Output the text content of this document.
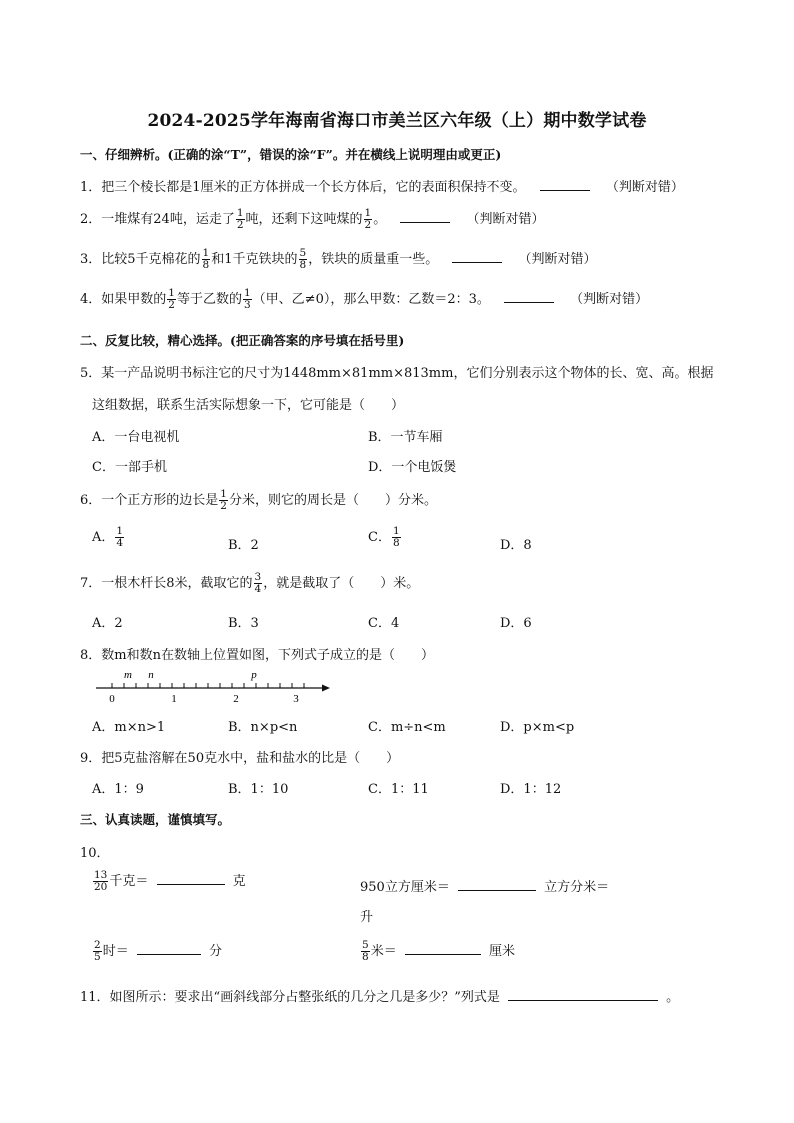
2024-2025学年海南省海口市美兰区六年级（上）期中数学试卷
一、仔细辨析。(正确的涂“T”，错误的涂“F”。并在横线上说明理由或更正)
1．把三个棱长都是1厘米的正方体拼成一个长方体后，它的表面积保持不变。	（判断对错）
2．一堆煤有24吨，运走了 $\frac{1}{2}$ 吨，还剩下这吨煤的 $\frac{1}{2}$ 。	（判断对错）
3．比较5千克棉花的 $\frac{1}{8}$ 和1千克铁块的 $\frac{5}{8}$ ，铁块的质量重一些。	（判断对错）
4．如果甲数的 $\frac{1}{2}$ 等于乙数的 $\frac{1}{3}$ （甲、乙≠0），那么甲数：乙数＝2：3。	（判断对错）
二、反复比较，精心选择。(把正确答案的序号填在括号里)
5．某一产品说明书标注它的尺寸为1448mm×81mm×813mm，它们分别表示这个物体的长、宽、高。根据
这组数据，联系生活实际想象一下，它可能是（　　）
A．一台电视机	B．一节车厢
C．一部手机	D．一个电饭煲
6．一个正方形的边长是 $\frac{1}{2}$ 分米，则它的周长是（　　）分米。
A． $\frac{1}{4}$	B．2
C． $\frac{1}{8}$	D．8
7．一根木杆长8米，截取它的 $\frac{3}{4}$ ，就是截取了（　　）米。
A．2	B．3	C．4	D．6
8．数m和数n在数轴上位置如图，下列式子成立的是（　　）
m n	p
0	1	2	3
A．m×n>1	B．n×p<n	C．m÷n<m	D．p×m<p
9．把5克盐溶解在50克水中，盐和盐水的比是（　　）
A．1：9	B．1：10	C．1：11	D．1：12
三、认真读题，谨慎填写。
10．
$\frac{13}{20}$ 千克＝	克	950立方厘米＝	立方分米＝
升
$\frac{2}{5}$ 时＝	分	$\frac{5}{8}$ 米＝	厘米
11．如图所示：要求出“画斜线部分占整张纸的几分之几是多少？”列式是	。
